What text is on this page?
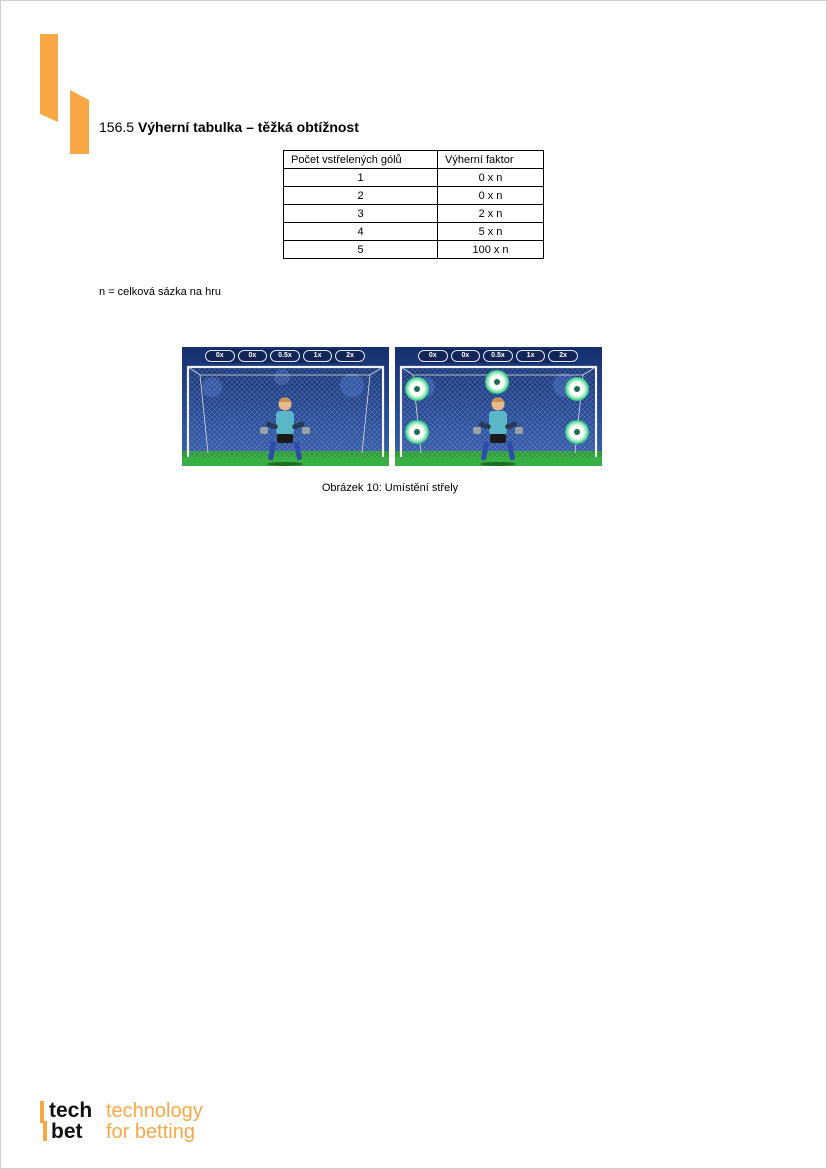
156.5 Výherní tabulka – těžká obtížnost
Počet vstřelených gólů	Výherní faktor
1	0 x n
2	0 x n
3	2 x n
4	5 x n
5	100 x n
n = celková sázka na hru
0x	0x	0.5x	1x	2x	0x	0x	0.5x	1x	2x
Obrázek 10: Umístění střely
tech
bet
technology
for betting
